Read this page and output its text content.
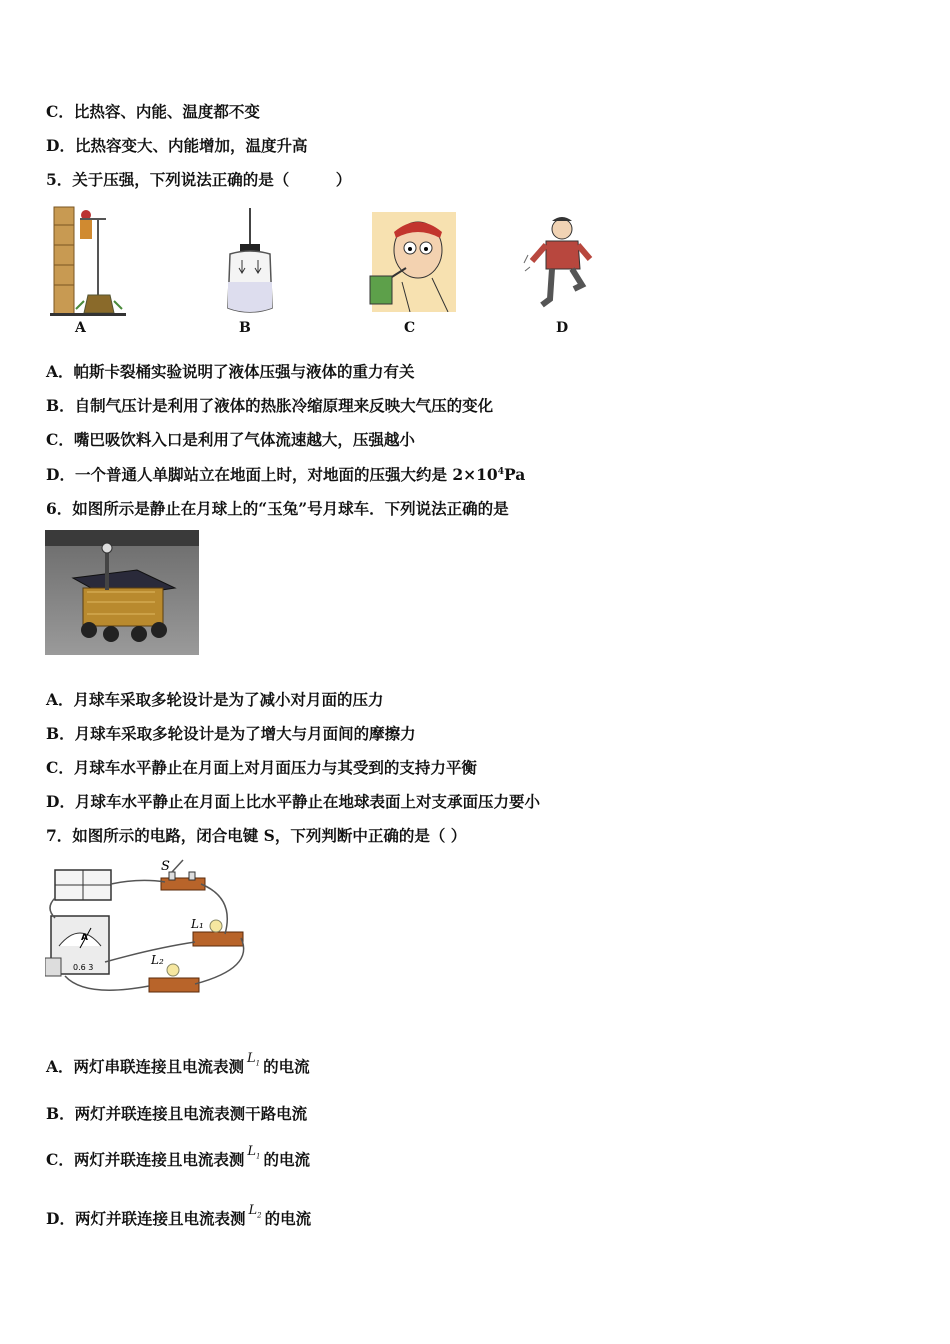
C．比热容、内能、温度都不变
D．比热容变大、内能增加，温度升高
5．关于压强，下列说法正确的是（　　　）
A	B	C	D
A．帕斯卡裂桶实验说明了液体压强与液体的重力有关
B．自制气压计是利用了液体的热胀冷缩原理来反映大气压的变化
C．嘴巴吸饮料入口是利用了气体流速越大，压强越小
D．一个普通人单脚站立在地面上时，对地面的压强大约是 $2\times 10^4Pa$
6．如图所示是静止在月球上的“玉兔”号月球车．下列说法正确的是
A．月球车采取多轮设计是为了减小对月面的压力
B．月球车采取多轮设计是为了增大与月面间的摩擦力
C．月球车水平静止在月面上对月面压力与其受到的支持力平衡
D．月球车水平静止在月面上比水平静止在地球表面上对支承面压力要小
7．如图所示的电路，闭合电键 S，下列判断中正确的是（ ）
A
0.6 3
S
L₁
L₂
A．两灯串联连接且电流表测 $^{L_1}$ 的电流
B．两灯并联连接且电流表测干路电流
C．两灯并联连接且电流表测 $^{L_1}$ 的电流
D．两灯并联连接且电流表测 $^{L_2}$ 的电流
